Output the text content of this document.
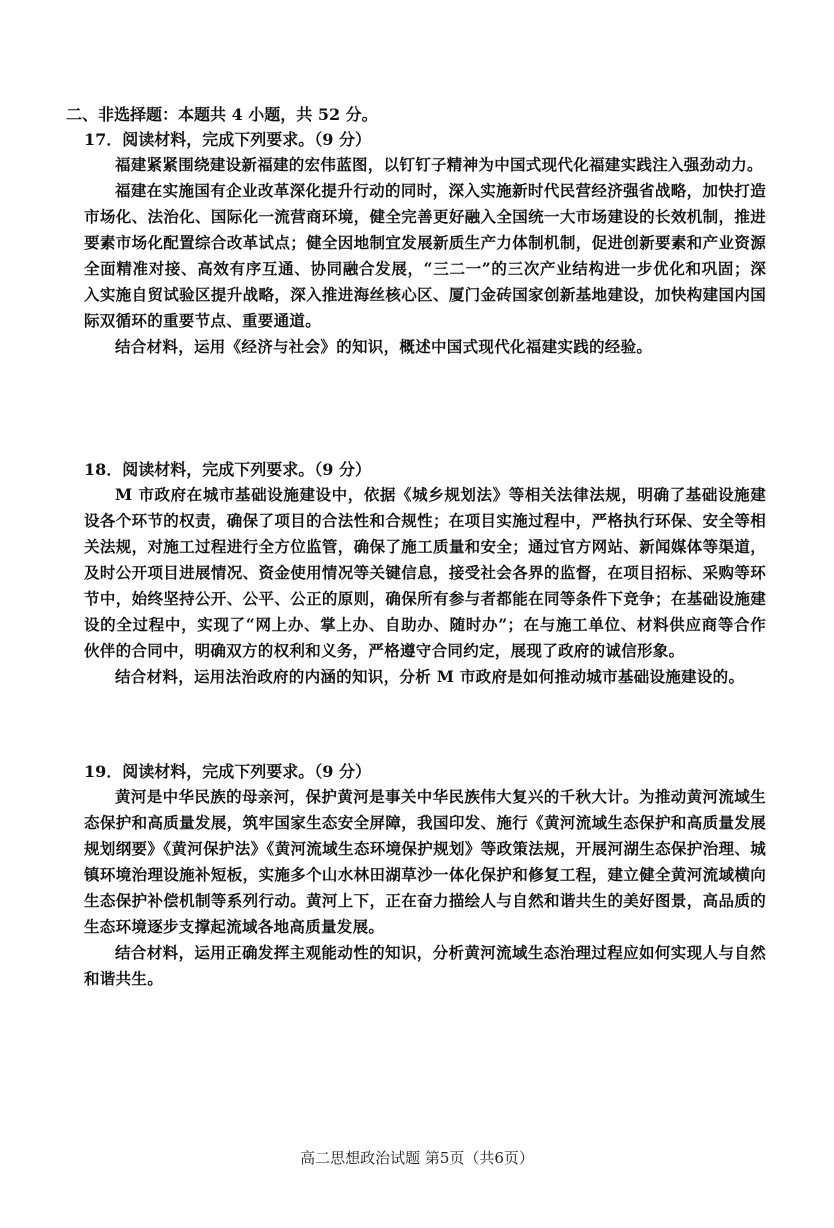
二、非选择题：本题共 4 小题，共 52 分。
17．阅读材料，完成下列要求。（9 分）

福建紧紧围绕建设新福建的宏伟蓝图，以钉钉子精神为中国式现代化福建实践注入强劲动力。

福建在实施国有企业改革深化提升行动的同时，深入实施新时代民营经济强省战略，加快打造市场化、法治化、国际化一流营商环境，健全完善更好融入全国统一大市场建设的长效机制，推进要素市场化配置综合改革试点；健全因地制宜发展新质生产力体制机制，促进创新要素和产业资源全面精准对接、高效有序互通、协同融合发展，“三二一”的三次产业结构进一步优化和巩固；深入实施自贸试验区提升战略，深入推进海丝核心区、厦门金砖国家创新基地建设，加快构建国内国际双循环的重要节点、重要通道。

结合材料，运用《经济与社会》的知识，概述中国式现代化福建实践的经验。

18．阅读材料，完成下列要求。（9 分）

M 市政府在城市基础设施建设中，依据《城乡规划法》等相关法律法规，明确了基础设施建设各个环节的权责，确保了项目的合法性和合规性；在项目实施过程中，严格执行环保、安全等相关法规，对施工过程进行全方位监管，确保了施工质量和安全；通过官方网站、新闻媒体等渠道，及时公开项目进展情况、资金使用情况等关键信息，接受社会各界的监督，在项目招标、采购等环节中，始终坚持公开、公平、公正的原则，确保所有参与者都能在同等条件下竞争；在基础设施建设的全过程中，实现了“网上办、掌上办、自助办、随时办”；在与施工单位、材料供应商等合作伙伴的合同中，明确双方的权利和义务，严格遵守合同约定，展现了政府的诚信形象。

结合材料，运用法治政府的内涵的知识，分析 M 市政府是如何推动城市基础设施建设的。

19．阅读材料，完成下列要求。（9 分）

黄河是中华民族的母亲河，保护黄河是事关中华民族伟大复兴的千秋大计。为推动黄河流域生态保护和高质量发展，筑牢国家生态安全屏障，我国印发、施行《黄河流域生态保护和高质量发展规划纲要》《黄河保护法》《黄河流域生态环境保护规划》等政策法规，开展河湖生态保护治理、城镇环境治理设施补短板，实施多个山水林田湖草沙一体化保护和修复工程，建立健全黄河流域横向生态保护补偿机制等系列行动。黄河上下，正在奋力描绘人与自然和谐共生的美好图景，高品质的生态环境逐步支撑起流域各地高质量发展。

结合材料，运用正确发挥主观能动性的知识，分析黄河流域生态治理过程应如何实现人与自然和谐共生。

高二思想政治试题 第5页（共6页）
